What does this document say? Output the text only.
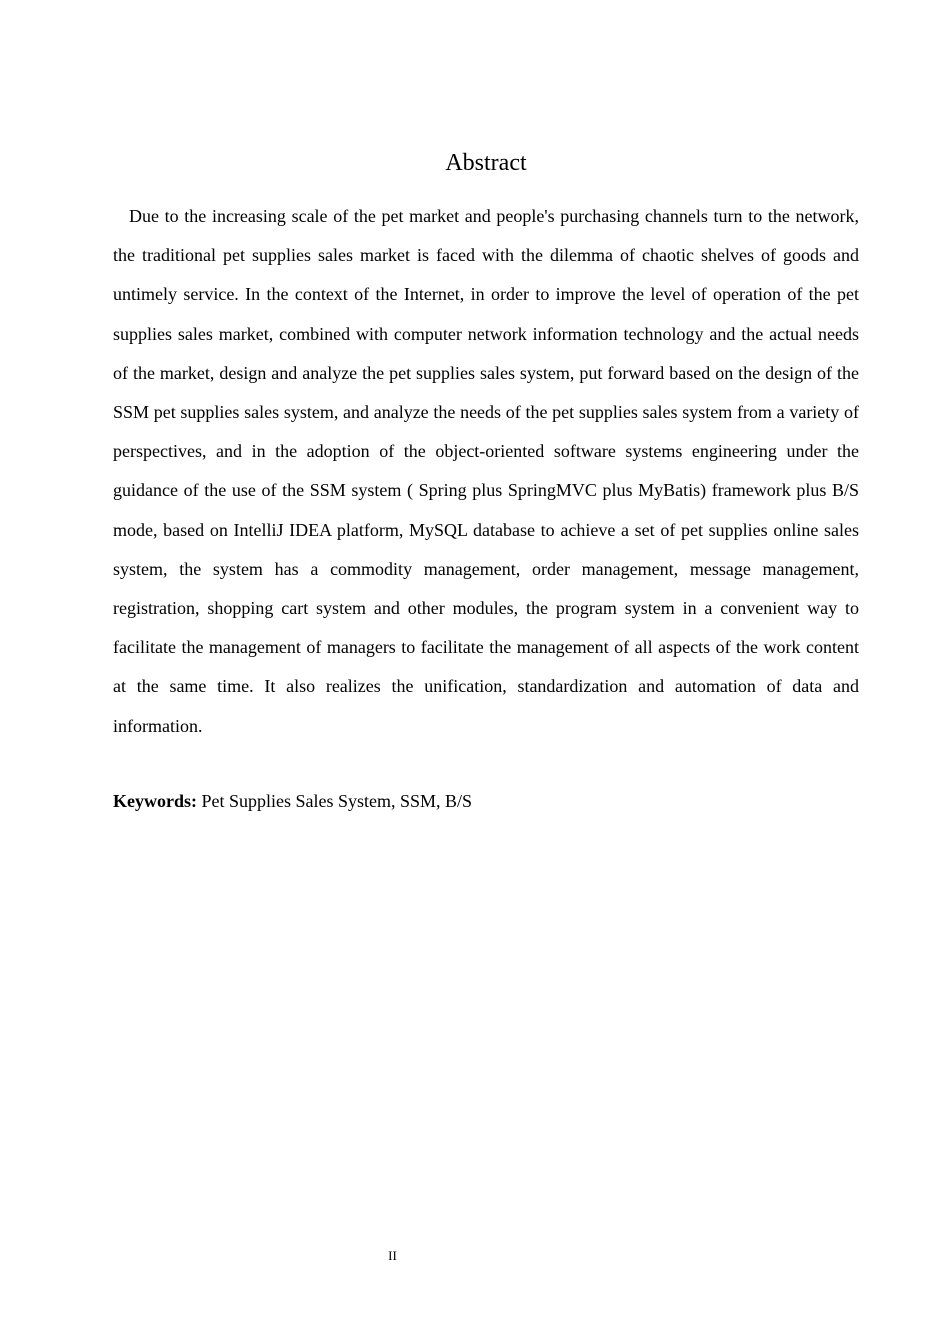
Abstract

Due to the increasing scale of the pet market and people's purchasing channels turn to the network, the traditional pet supplies sales market is faced with the dilemma of chaotic shelves of goods and untimely service. In the context of the Internet, in order to improve the level of operation of the pet supplies sales market, combined with computer network information technology and the actual needs of the market, design and analyze the pet supplies sales system, put forward based on the design of the SSM pet supplies sales system, and analyze the needs of the pet supplies sales system from a variety of perspectives, and in the adoption of the object-oriented software systems engineering under the guidance of the use of the SSM system ( Spring plus SpringMVC plus MyBatis) framework plus B/S mode, based on IntelliJ IDEA platform, MySQL database to achieve a set of pet supplies online sales system, the system has a commodity management, order management, message management, registration, shopping cart system and other modules, the program system in a convenient way to facilitate the management of managers to facilitate the management of all aspects of the work content at the same time. It also realizes the unification, standardization and automation of data and information.

Keywords: Pet Supplies Sales System, SSM, B/S

II
